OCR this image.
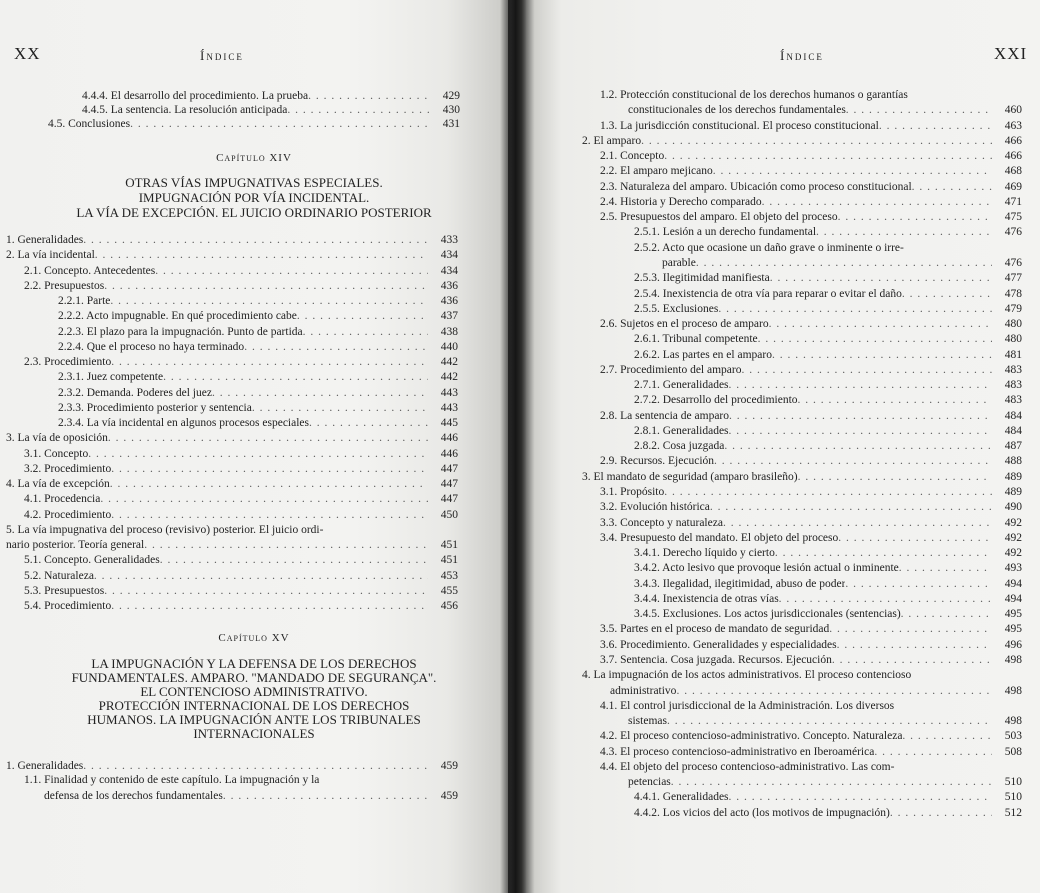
XX	Índice
4.4.4. El desarrollo del procedimiento. La prueba . . .	429
4.4.5. La sentencia. La resolución anticipada . . .	430
4.5. Conclusiones . . .	431
Capítulo XIV
OTRAS VÍAS IMPUGNATIVAS ESPECIALES.
IMPUGNACIÓN POR VÍA INCIDENTAL.
LA VÍA DE EXCEPCIÓN. EL JUICIO ORDINARIO POSTERIOR
1. Generalidades . . .	433
2. La vía incidental . . .	434
2.1. Concepto. Antecedentes . . .	434
2.2. Presupuestos . . .	436
2.2.1. Parte . . .	436
2.2.2. Acto impugnable. En qué procedimiento cabe . . .	437
2.2.3. El plazo para la impugnación. Punto de partida . . .	438
2.2.4. Que el proceso no haya terminado . . .	440
2.3. Procedimiento . . .	442
2.3.1. Juez competente . . .	442
2.3.2. Demanda. Poderes del juez . . .	443
2.3.3. Procedimiento posterior y sentencia . . .	443
2.3.4. La vía incidental en algunos procesos especiales . . .	445
3. La vía de oposición . . .	446
3.1. Concepto . . .	446
3.2. Procedimiento . . .	447
4. La vía de excepción . . .	447
4.1. Procedencia . . .	447
4.2. Procedimiento . . .	450
5. La vía impugnativa del proceso (revisivo) posterior. El juicio ordi-
nario posterior. Teoría general . . .	451
5.1. Concepto. Generalidades . . .	451
5.2. Naturaleza . . .	453
5.3. Presupuestos . . .	455
5.4. Procedimiento . . .	456
Capítulo XV
LA IMPUGNACIÓN Y LA DEFENSA DE LOS DERECHOS
FUNDAMENTALES. AMPARO. "MANDADO DE SEGURANÇA".
EL CONTENCIOSO ADMINISTRATIVO.
PROTECCIÓN INTERNACIONAL DE LOS DERECHOS
HUMANOS. LA IMPUGNACIÓN ANTE LOS TRIBUNALES
INTERNACIONALES
1. Generalidades . . .	459
1.1. Finalidad y contenido de este capítulo. La impugnación y la
defensa de los derechos fundamentales . . .	459
Índice	XXI
1.2. Protección constitucional de los derechos humanos o garantías
constitucionales de los derechos fundamentales . . .	460
1.3. La jurisdicción constitucional. El proceso constitucional . . .	463
2. El amparo . . .	466
2.1. Concepto . . .	466
2.2. El amparo mejicano . . .	468
2.3. Naturaleza del amparo. Ubicación como proceso constitucional . . .	469
2.4. Historia y Derecho comparado . . .	471
2.5. Presupuestos del amparo. El objeto del proceso . . .	475
2.5.1. Lesión a un derecho fundamental . . .	476
2.5.2. Acto que ocasione un daño grave o inminente o irre-
parable . . .	476
2.5.3. Ilegitimidad manifiesta . . .	477
2.5.4. Inexistencia de otra vía para reparar o evitar el daño . . .	478
2.5.5. Exclusiones . . .	479
2.6. Sujetos en el proceso de amparo . . .	480
2.6.1. Tribunal competente . . .	480
2.6.2. Las partes en el amparo . . .	481
2.7. Procedimiento del amparo . . .	483
2.7.1. Generalidades . . .	483
2.7.2. Desarrollo del procedimiento . . .	483
2.8. La sentencia de amparo . . .	484
2.8.1. Generalidades . . .	484
2.8.2. Cosa juzgada . . .	487
2.9. Recursos. Ejecución . . .	488
3. El mandato de seguridad (amparo brasileño) . . .	489
3.1. Propósito . . .	489
3.2. Evolución histórica . . .	490
3.3. Concepto y naturaleza . . .	492
3.4. Presupuesto del mandato. El objeto del proceso . . .	492
3.4.1. Derecho líquido y cierto . . .	492
3.4.2. Acto lesivo que provoque lesión actual o inminente . . .	493
3.4.3. Ilegalidad, ilegitimidad, abuso de poder . . .	494
3.4.4. Inexistencia de otras vías . . .	494
3.4.5. Exclusiones. Los actos jurisdiccionales (sentencias) . . .	495
3.5. Partes en el proceso de mandato de seguridad . . .	495
3.6. Procedimiento. Generalidades y especialidades . . .	496
3.7. Sentencia. Cosa juzgada. Recursos. Ejecución . . .	498
4. La impugnación de los actos administrativos. El proceso contencioso
administrativo . . .	498
4.1. El control jurisdiccional de la Administración. Los diversos
sistemas . . .	498
4.2. El proceso contencioso-administrativo. Concepto. Naturaleza . . .	503
4.3. El proceso contencioso-administrativo en Iberoamérica . . .	508
4.4. El objeto del proceso contencioso-administrativo. Las com-
petencias . . .	510
4.4.1. Generalidades . . .	510
4.4.2. Los vicios del acto (los motivos de impugnación) . . .	512
